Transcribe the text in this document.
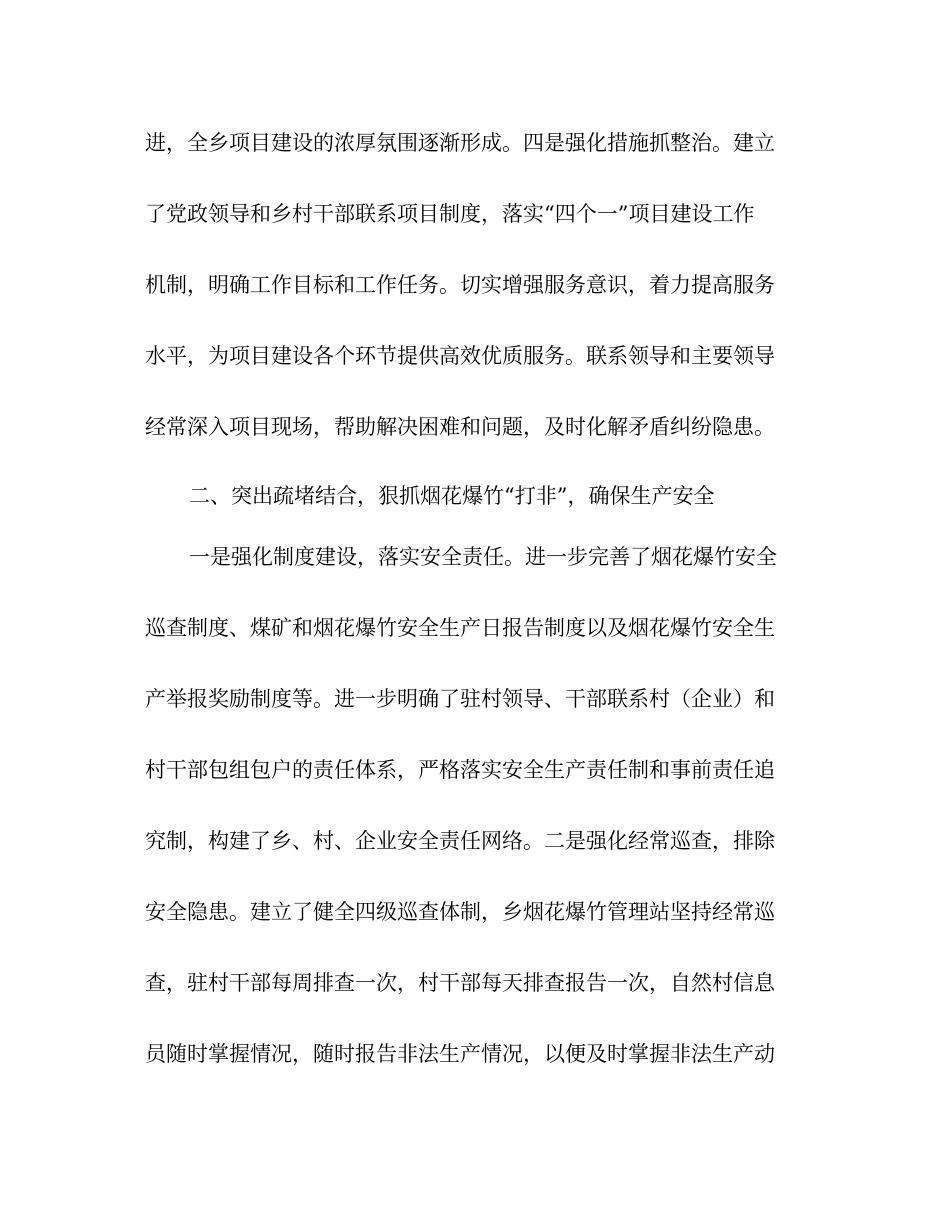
进，全乡项目建设的浓厚氛围逐渐形成。四是强化措施抓整治。建立
了党政领导和乡村干部联系项目制度，落实“四个一”项目建设工作
机制，明确工作目标和工作任务。切实增强服务意识，着力提高服务
水平，为项目建设各个环节提供高效优质服务。联系领导和主要领导
经常深入项目现场，帮助解决困难和问题，及时化解矛盾纠纷隐患。
二、突出疏堵结合，狠抓烟花爆竹“打非”，确保生产安全
一是强化制度建设，落实安全责任。进一步完善了烟花爆竹安全
巡查制度、煤矿和烟花爆竹安全生产日报告制度以及烟花爆竹安全生
产举报奖励制度等。进一步明确了驻村领导、干部联系村（企业）和
村干部包组包户的责任体系，严格落实安全生产责任制和事前责任追
究制，构建了乡、村、企业安全责任网络。二是强化经常巡查，排除
安全隐患。建立了健全四级巡查体制，乡烟花爆竹管理站坚持经常巡
查，驻村干部每周排查一次，村干部每天排查报告一次，自然村信息
员随时掌握情况，随时报告非法生产情况，以便及时掌握非法生产动
